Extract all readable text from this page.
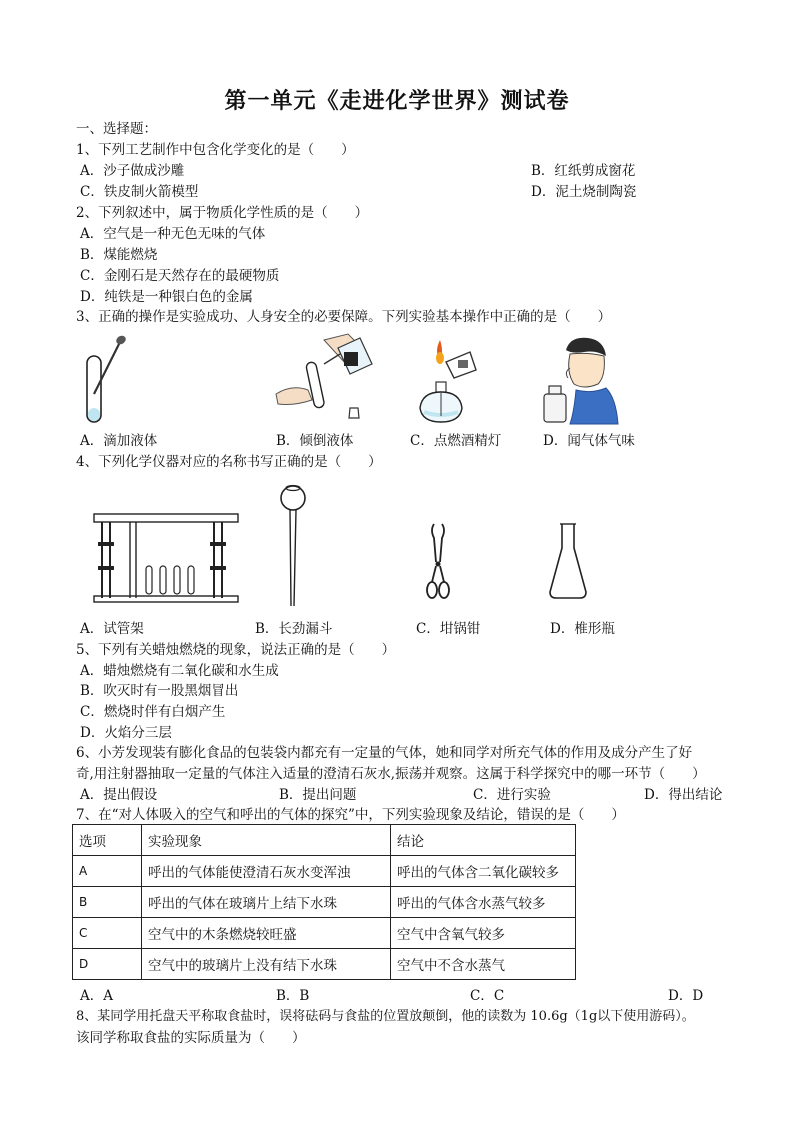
第一单元《走进化学世界》测试卷
一、选择题：
1、下列工艺制作中包含化学变化的是（　　）
A．沙子做成沙雕	B．红纸剪成窗花
C．铁皮制火箭模型	D．泥土烧制陶瓷
2、下列叙述中，属于物质化学性质的是（　　）
A．空气是一种无色无味的气体
B．煤能燃烧
C．金刚石是天然存在的最硬物质
D．纯铁是一种银白色的金属
3、正确的操作是实验成功、人身安全的必要保障。下列实验基本操作中正确的是（　　）
A．滴加液体	B．倾倒液体	C．点燃酒精灯	D．闻气体气味
4、下列化学仪器对应的名称书写正确的是（　　）
A．试管架	B．长劲漏斗	C．坩锅钳	D．椎形瓶
5、下列有关蜡烛燃烧的现象，说法正确的是（　　）
A．蜡烛燃烧有二氧化碳和水生成
B．吹灭时有一股黑烟冒出
C．燃烧时伴有白烟产生
D．火焰分三层
6、小芳发现装有膨化食品的包装袋内都充有一定量的气体，她和同学对所充气体的作用及成分产生了好
奇,用注射器抽取一定量的气体注入适量的澄清石灰水,振荡并观察。这属于科学探究中的哪一环节（　　）
A．提出假设	B．提出问题	C．进行实验	D．得出结论
7、在“对人体吸入的空气和呼出的气体的探究”中，下列实验现象及结论，错误的是（　　）
选项	实验现象	结论
A	呼出的气体能使澄清石灰水变浑浊	呼出的气体含二氧化碳较多
B	呼出的气体在玻璃片上结下水珠	呼出的气体含水蒸气较多
C	空气中的木条燃烧较旺盛	空气中含氧气较多
D	空气中的玻璃片上没有结下水珠	空气中不含水蒸气
A．A	B．B	C．C	D．D
8、某同学用托盘天平称取食盐时，误将砝码与食盐的位置放颠倒，他的读数为 10.6g（1g以下使用游码）。
该同学称取食盐的实际质量为（　　）
